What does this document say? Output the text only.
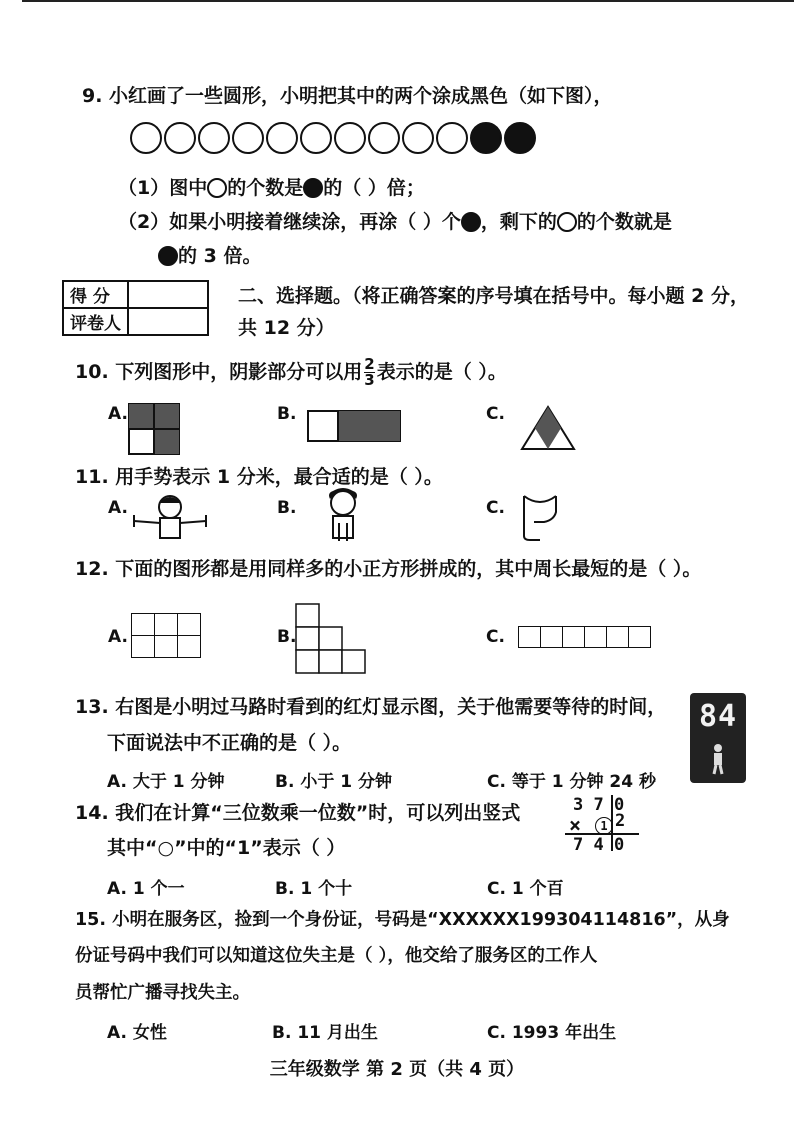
9. 小红画了一些圆形，小明把其中的两个涂成黑色（如下图），
（1）图中 的个数是 的（ ）倍；
（2）如果小明接着继续涂，再涂（ ）个 ，剩下的 的个数就是
的 3 倍。
得 分	
评卷人	
二、选择题。（将正确答案的序号填在括号中。每小题 2 分，
共 12 分）
10. 下列图形中，阴影部分可以用 $\frac{2}{3}$ 表示的是（ ）。
A.	B.	C.
11. 用手势表示 1 分米，最合适的是（ ）。
A.	B.	C.
12. 下面的图形都是用同样多的小正方形拼成的，其中周长最短的是（ ）。
A.

			B.	C.

13. 右图是小明过马路时看到的红灯显示图，关于他需要等待的时间，
下面说法中不正确的是（ ）。
A. 大于 1 分钟	B. 小于 1 分钟	C. 等于 1 分钟 24 秒
84
14. 我们在计算“三位数乘一位数”时，可以列出竖式
其中“○”中的“1”表示（ ）
3 7 0
×	1 2
7 4 0
A. 1 个一	B. 1 个十	C. 1 个百
15. 小明在服务区，捡到一个身份证，号码是“XXXXXX199304114816”，从身
份证号码中我们可以知道这位失主是（ ），他交给了服务区的工作人
员帮忙广播寻找失主。
A. 女性	B. 11 月出生	C. 1993 年出生
三年级数学 第 2 页（共 4 页）
